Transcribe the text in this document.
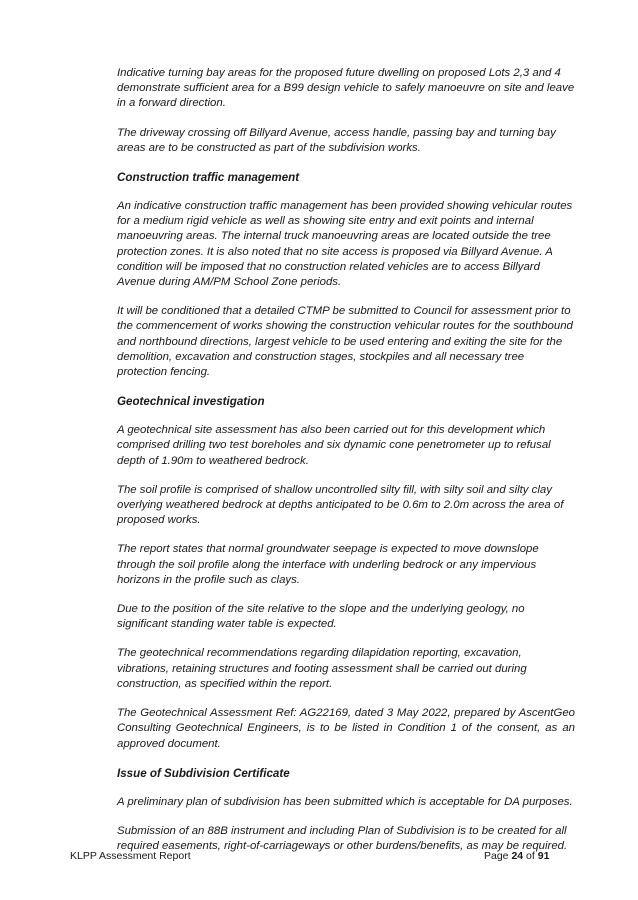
Indicative turning bay areas for the proposed future dwelling on proposed Lots 2,3 and 4 demonstrate sufficient area for a B99 design vehicle to safely manoeuvre on site and leave in a forward direction.

The driveway crossing off Billyard Avenue, access handle, passing bay and turning bay areas are to be constructed as part of the subdivision works.

Construction traffic management

An indicative construction traffic management has been provided showing vehicular routes for a medium rigid vehicle as well as showing site entry and exit points and internal manoeuvring areas. The internal truck manoeuvring areas are located outside the tree protection zones. It is also noted that no site access is proposed via Billyard Avenue. A condition will be imposed that no construction related vehicles are to access Billyard Avenue during AM/PM School Zone periods.

It will be conditioned that a detailed CTMP be submitted to Council for assessment prior to the commencement of works showing the construction vehicular routes for the southbound and northbound directions, largest vehicle to be used entering and exiting the site for the demolition, excavation and construction stages, stockpiles and all necessary tree protection fencing.

Geotechnical investigation

A geotechnical site assessment has also been carried out for this development which comprised drilling two test boreholes and six dynamic cone penetrometer up to refusal depth of 1.90m to weathered bedrock.

The soil profile is comprised of shallow uncontrolled silty fill, with silty soil and silty clay overlying weathered bedrock at depths anticipated to be 0.6m to 2.0m across the area of proposed works.

The report states that normal groundwater seepage is expected to move downslope through the soil profile along the interface with underling bedrock or any impervious horizons in the profile such as clays.

Due to the position of the site relative to the slope and the underlying geology, no significant standing water table is expected.

The geotechnical recommendations regarding dilapidation reporting, excavation, vibrations, retaining structures and footing assessment shall be carried out during construction, as specified within the report.

The Geotechnical Assessment Ref: AG22169, dated 3 May 2022, prepared by AscentGeo Consulting Geotechnical Engineers, is to be listed in Condition 1 of the consent, as an approved document.

Issue of Subdivision Certificate

A preliminary plan of subdivision has been submitted which is acceptable for DA purposes.

Submission of an 88B instrument and including Plan of Subdivision is to be created for all required easements, right-of-carriageways or other burdens/benefits, as may be required.

KLPP Assessment Report	Page 24 of 91
